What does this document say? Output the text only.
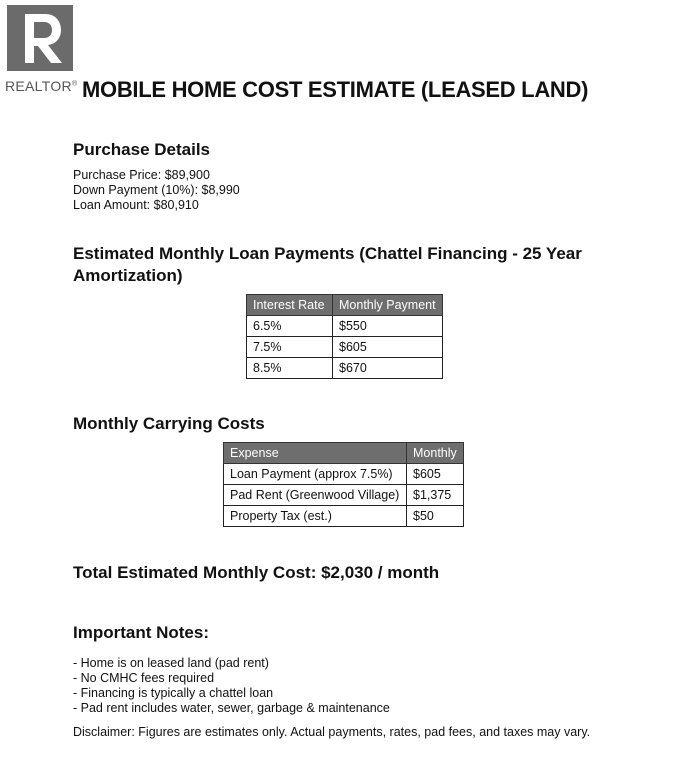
REALTOR® MOBILE HOME COST ESTIMATE (LEASED LAND)
Purchase Details
Purchase Price: $89,900
Down Payment (10%): $8,990
Loan Amount: $80,910
Estimated Monthly Loan Payments (Chattel Financing - 25 Year Amortization)
Interest Rate	Monthly Payment
6.5%	$550
7.5%	$605
8.5%	$670
Monthly Carrying Costs
Expense	Monthly
Loan Payment (approx 7.5%)	$605
Pad Rent (Greenwood Village)	$1,375
Property Tax (est.)	$50
Total Estimated Monthly Cost: $2,030 / month
Important Notes:
- Home is on leased land (pad rent)
- No CMHC fees required
- Financing is typically a chattel loan
- Pad rent includes water, sewer, garbage & maintenance

Disclaimer: Figures are estimates only. Actual payments, rates, pad fees, and taxes may vary.
